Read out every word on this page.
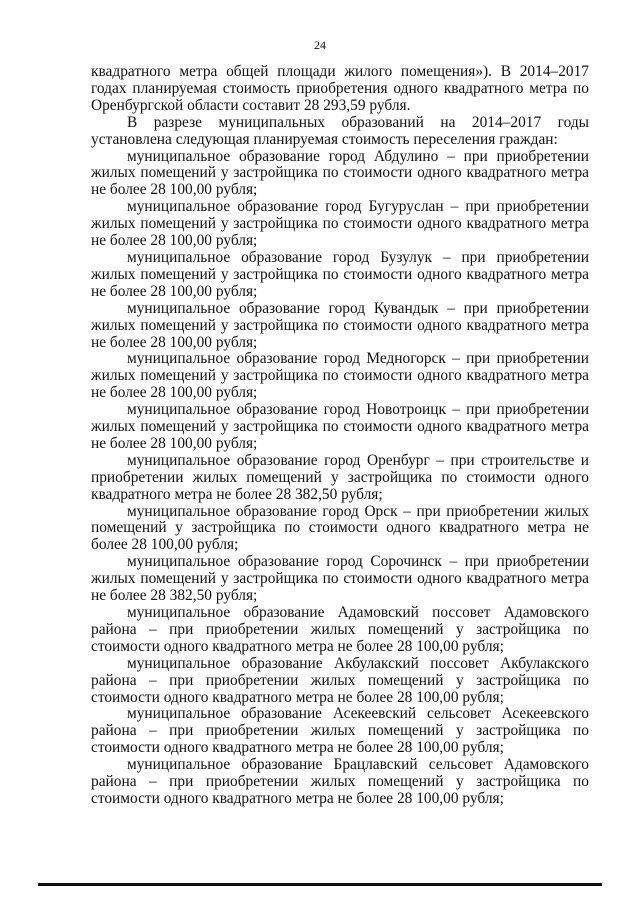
24

квадратного метра общей площади жилого помещения»). В 2014–2017 годах планируемая стоимость приобретения одного квадратного метра по Оренбургской области составит 28 293,59 рубля.

В разрезе муниципальных образований на 2014–2017 годы установлена следующая планируемая стоимость переселения граждан:

муниципальное образование город Абдулино – при приобретении жилых помещений у застройщика по стоимости одного квадратного метра не более 28 100,00 рубля;

муниципальное образование город Бугуруслан – при приобретении жилых помещений у застройщика по стоимости одного квадратного метра не более 28 100,00 рубля;

муниципальное образование город Бузулук – при приобретении жилых помещений у застройщика по стоимости одного квадратного метра не более 28 100,00 рубля;

муниципальное образование город Кувандык – при приобретении жилых помещений у застройщика по стоимости одного квадратного метра не более 28 100,00 рубля;

муниципальное образование город Медногорск – при приобретении жилых помещений у застройщика по стоимости одного квадратного метра не более 28 100,00 рубля;

муниципальное образование город Новотроицк – при приобретении жилых помещений у застройщика по стоимости одного квадратного метра не более 28 100,00 рубля;

муниципальное образование город Оренбург – при строительстве и приобретении жилых помещений у застройщика по стоимости одного квадратного метра не более 28 382,50 рубля;

муниципальное образование город Орск – при приобретении жилых помещений у застройщика по стоимости одного квадратного метра не более 28 100,00 рубля;

муниципальное образование город Сорочинск – при приобретении жилых помещений у застройщика по стоимости одного квадратного метра не более 28 382,50 рубля;

муниципальное образование Адамовский поссовет Адамовского района – при приобретении жилых помещений у застройщика по стоимости одного квадратного метра не более 28 100,00 рубля;

муниципальное образование Акбулакский поссовет Акбулакского района – при приобретении жилых помещений у застройщика по стоимости одного квадратного метра не более 28 100,00 рубля;

муниципальное образование Асекеевский сельсовет Асекеевского района – при приобретении жилых помещений у застройщика по стоимости одного квадратного метра не более 28 100,00 рубля;

муниципальное образование Брацлавский сельсовет Адамовского района – при приобретении жилых помещений у застройщика по стоимости одного квадратного метра не более 28 100,00 рубля;
